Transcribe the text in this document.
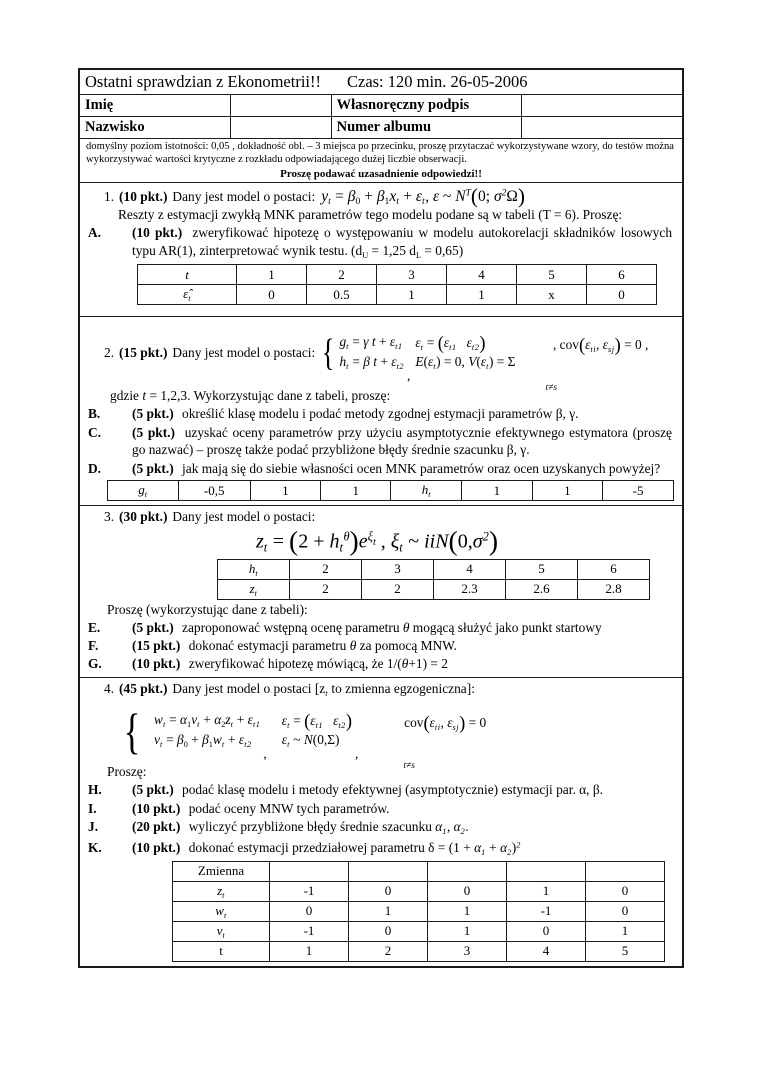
Ostatni sprawdzian z Ekonometrii!! Czas: 120 min. 26-05-2006
Imię	Własnoręczny podpis
Nazwisko	Numer albumu
domyślny poziom istotności: 0,05 , dokładność obl. – 3 miejsca po przecinku, proszę przytaczać wykorzystywane wzory, do testów można wykorzystywać wartości krytyczne z rozkładu odpowiadającego dużej liczbie obserwacji.
Proszę podawać uzasadnienie odpowiedzi!!
1. (10 pkt.) Dany jest model o postaci: $y_t = \beta_0 + \beta_1x_t + \varepsilon_t$, ε ~ $N^T(0$; $\sigma^2\Omega$)
Reszty z estymacji zwykłą MNK parametrów tego modelu podane są w tabeli (T = 6). Proszę:
A. (10 pkt.) zweryfikować hipotezę o występowaniu w modelu autokorelacji składników losowych typu AR(1), zinterpretować wynik testu. ($d_U = 1,25$ $d_L = 0,65$)
t	1	2	3	4	5	6
$\varepsilon̂_t$	0	0.5	1	1	x	0
2. (15 pkt.) Dany jest model o postaci: { $g_t = \gamma$ $t + \varepsilon_{t1}$
$h_t = \beta$ $t + \varepsilon_{t2}$
,
$\varepsilon_t = (\varepsilon_{t1}$ $\varepsilon_{t2}$)
$E(\varepsilon_t) = 0$, $V(\varepsilon_t) = \Sigma$

, $cov(\varepsilon_{ti}$, $\varepsilon_{sj}) = 0$ ,

t≠s

gdzie t = 1,2,3. Wykorzystując dane z tabeli, proszę:
B. (5 pkt.) określić klasę modelu i podać metody zgodnej estymacji parametrów β, γ.
C. (5 pkt.) uzyskać oceny parametrów przy użyciu asymptotycznie efektywnego estymatora (proszę go nazwać) – proszę także podać przybliżone błędy średnie szacunku β, γ.
D. (5 pkt.) jak mają się do siebie własności ocen MNK parametrów oraz ocen uzyskanych powyżej?
$g_t$	-0,5	1	1	$h_t$	1	1	-5
3. (30 pkt.) Dany jest model o postaci:
$z_t = (2 + h_t^\theta)e^\xi t$ , $\xi_t$ ~ $iiN(0,\sigma^2)$
$h_t$	2	3	4	5	6
$z_t$	2	2	2.3	2.6	2.8
Proszę (wykorzystując dane z tabeli):
E. (5 pkt.) zaproponować wstępną ocenę parametru θ mogącą służyć jako punkt startowy
F.	(15 pkt.) dokonać estymacji parametru θ za pomocą MNW.
G. (10 pkt.) zweryfikować hipotezę mówiącą, że 1/(θ+1) = 2
4. (45 pkt.) Dany jest model o postaci [$z_t$ to zmienna egzogeniczna]:
{ $w_t = \alpha_1v_t + \alpha_2z_t + \varepsilon_{t1}$
$v_t = \beta_0 + \beta_1w_t + \varepsilon_{t2}$
,
$\varepsilon_t = (\varepsilon_{t1}$ $\varepsilon_{t2}$)
$\varepsilon_t$ ~ N(0,Σ)
,

$cov(\varepsilon_{ti}$, $\varepsilon_{sj}) = 0$

t≠s

Proszę:
H. (5 pkt.) podać klasę modelu i metody efektywnej (asymptotycznie) estymacji par. α, β.
I.	(10 pkt.) podać oceny MNW tych parametrów.
J.	(20 pkt.) wyliczyć przybliżone błędy średnie szacunku $\alpha_1$, $\alpha_2$.
K. (10 pkt.) dokonać estymacji przedziałowej parametru $\delta = (1 + \alpha_1 + \alpha_2)^2$
Zmienna					
$z_t$	-1	0	0	1	0
$w_t$	0	1	1	-1	0
$v_t$	-1	0	1	0	1
t	1	2	3	4	5
